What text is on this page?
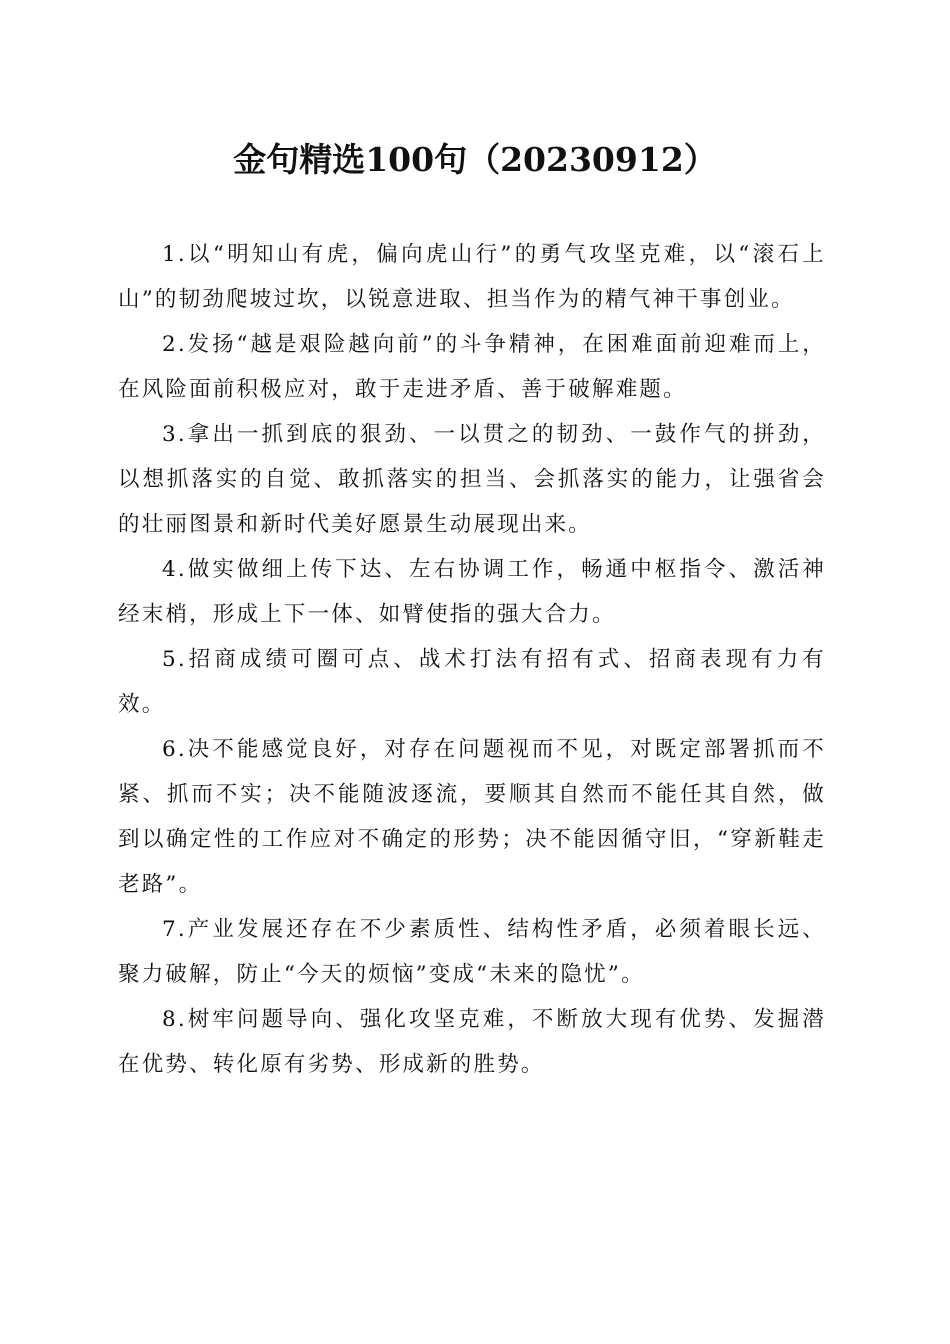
金句精选100句（20230912）

1.以“明知山有虎，偏向虎山行”的勇气攻坚克难，以“滚石上山”的韧劲爬坡过坎，以锐意进取、担当作为的精气神干事创业。

2.发扬“越是艰险越向前”的斗争精神，在困难面前迎难而上，在风险面前积极应对，敢于走进矛盾、善于破解难题。

3.拿出一抓到底的狠劲、一以贯之的韧劲、一鼓作气的拼劲，以想抓落实的自觉、敢抓落实的担当、会抓落实的能力，让强省会的壮丽图景和新时代美好愿景生动展现出来。

4.做实做细上传下达、左右协调工作，畅通中枢指令、激活神经末梢，形成上下一体、如臂使指的强大合力。

5.招商成绩可圈可点、战术打法有招有式、招商表现有力有效。

6.决不能感觉良好，对存在问题视而不见，对既定部署抓而不紧、抓而不实；决不能随波逐流，要顺其自然而不能任其自然，做到以确定性的工作应对不确定的形势；决不能因循守旧，“穿新鞋走老路”。

7.产业发展还存在不少素质性、结构性矛盾，必须着眼长远、聚力破解，防止“今天的烦恼”变成“未来的隐忧”。

8.树牢问题导向、强化攻坚克难，不断放大现有优势、发掘潜在优势、转化原有劣势、形成新的胜势。
